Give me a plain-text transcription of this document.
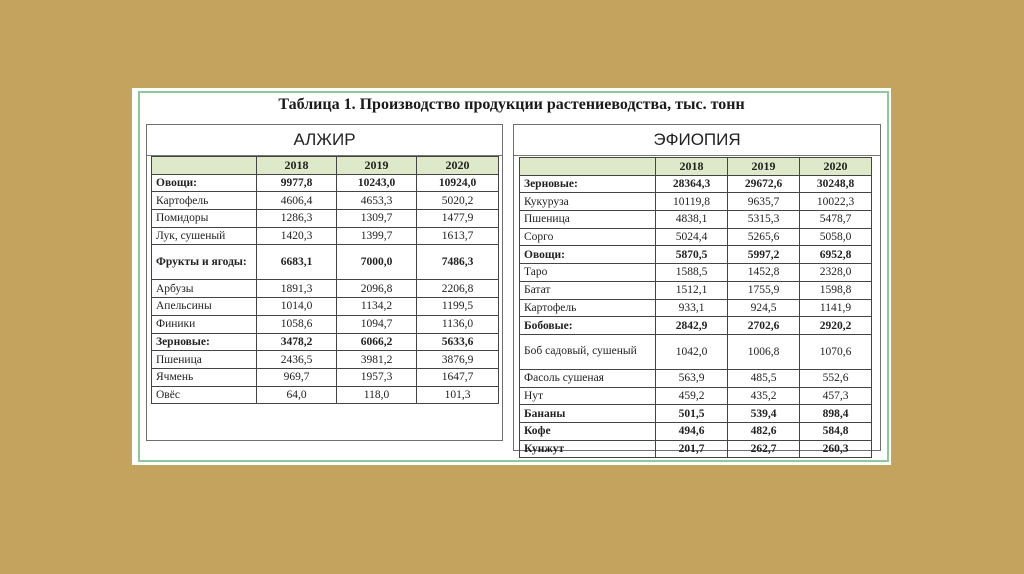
Таблица 1. Производство продукции растениеводства, тыс. тонн
АЛЖИР
	2018	2019	2020
Овощи:	9977,8	10243,0	10924,0
Картофель	4606,4	4653,3	5020,2
Помидоры	1286,3	1309,7	1477,9
Лук, сушеный	1420,3	1399,7	1613,7
Фрукты и ягоды:	6683,1	7000,0	7486,3
Арбузы	1891,3	2096,8	2206,8
Апельсины	1014,0	1134,2	1199,5
Финики	1058,6	1094,7	1136,0
Зерновые:	3478,2	6066,2	5633,6
Пшеница	2436,5	3981,2	3876,9
Ячмень	969,7	1957,3	1647,7
Овёс	64,0	118,0	101,3
ЭФИОПИЯ
	2018	2019	2020
Зерновые:	28364,3	29672,6	30248,8
Кукуруза	10119,8	9635,7	10022,3
Пшеница	4838,1	5315,3	5478,7
Сорго	5024,4	5265,6	5058,0
Овощи:	5870,5	5997,2	6952,8
Таро	1588,5	1452,8	2328,0
Батат	1512,1	1755,9	1598,8
Картофель	933,1	924,5	1141,9
Бобовые:	2842,9	2702,6	2920,2
Боб садовый, сушеный	1042,0	1006,8	1070,6
Фасоль сушеная	563,9	485,5	552,6
Нут	459,2	435,2	457,3
Бананы	501,5	539,4	898,4
Кофе	494,6	482,6	584,8
Кунжут	201,7	262,7	260,3
